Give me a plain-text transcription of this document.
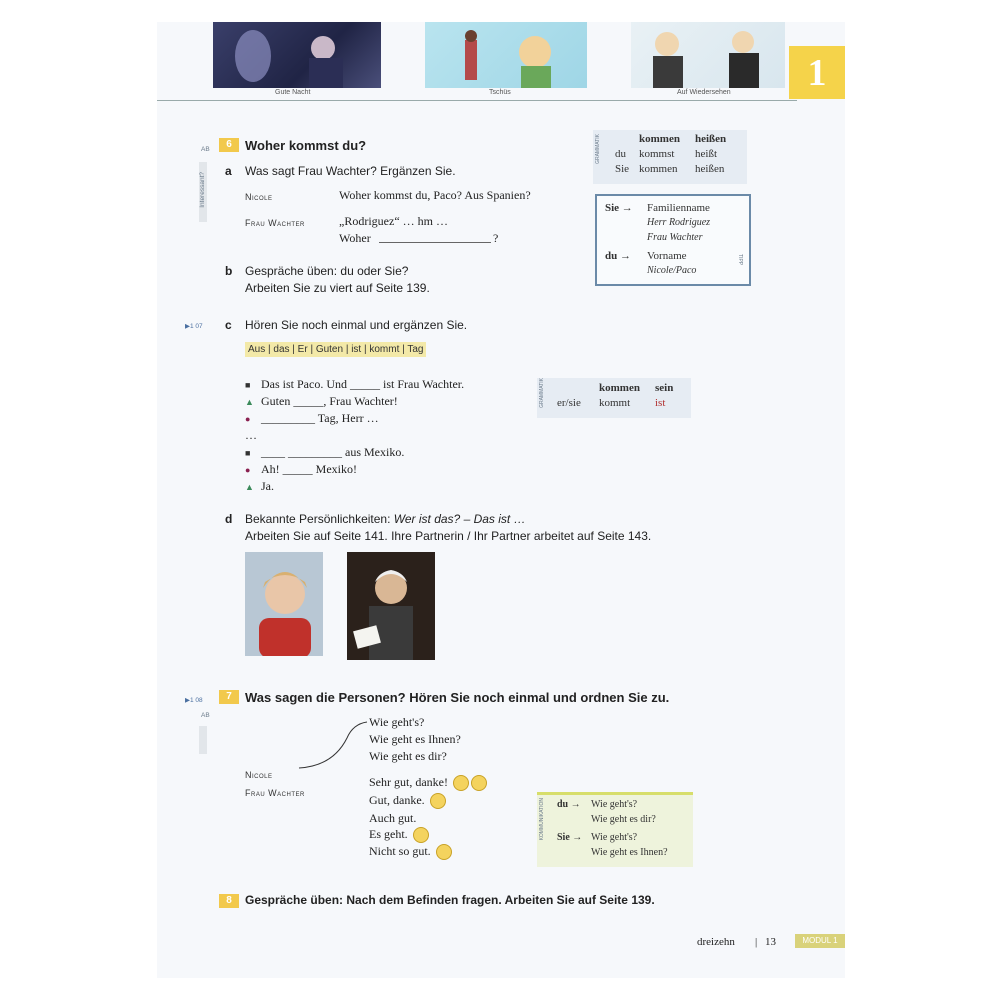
Gute Nacht	Tschüs	Auf Wiedersehen	1
AB	6	Woher kommst du?
Interessant?
a Was sagt Frau Wachter? Ergänzen Sie.
Nicole	Woher kommst du, Paco? Aus Spanien?
Frau Wachter	„Rodriguez“ … hm …
Woher	?
b Gespräche üben: du oder Sie?
Arbeiten Sie zu viert auf Seite 139.
▶1 07 c Hören Sie noch einmal und ergänzen Sie.
Aus | das | Er | Guten | ist | kommt | Tag
■ Das ist Paco. Und _____ ist Frau Wachter.
▲ Guten _____, Frau Wachter!
● _________ Tag, Herr …
…
■ ____ _________ aus Mexiko.
● Ah! _____ Mexiko!
▲ Ja.
d Bekannte Persönlichkeiten: Wer ist das? – Das ist …
Arbeiten Sie auf Seite 141. Ihre Partnerin / Ihr Partner arbeitet auf Seite 143.
GRAMMATIK	kommen heißen
du kommst heißt
Sie kommen heißen
Sie → Familienname
Herr Rodriguez
Frau Wachter
du → Vorname
Nicole/Paco
TIPP
GRAMMATIK	kommen sein
er/sie kommt ist
▶1 08
AB
7	Was sagen die Personen? Hören Sie noch einmal und ordnen Sie zu.
Wie geht's?
Wie geht es Ihnen?
Wie geht es dir?
Nicole
Frau Wachter
Sehr gut, danke!
Gut, danke.
Auch gut.
Es geht.
Nicht so gut.
KOMMUNIKATION du → Wie geht's?
Wie geht es dir?
Sie → Wie geht's?
Wie geht es Ihnen?
8	Gespräche üben: Nach dem Befinden fragen. Arbeiten Sie auf Seite 139.
dreizehn | 13	MODUL 1
